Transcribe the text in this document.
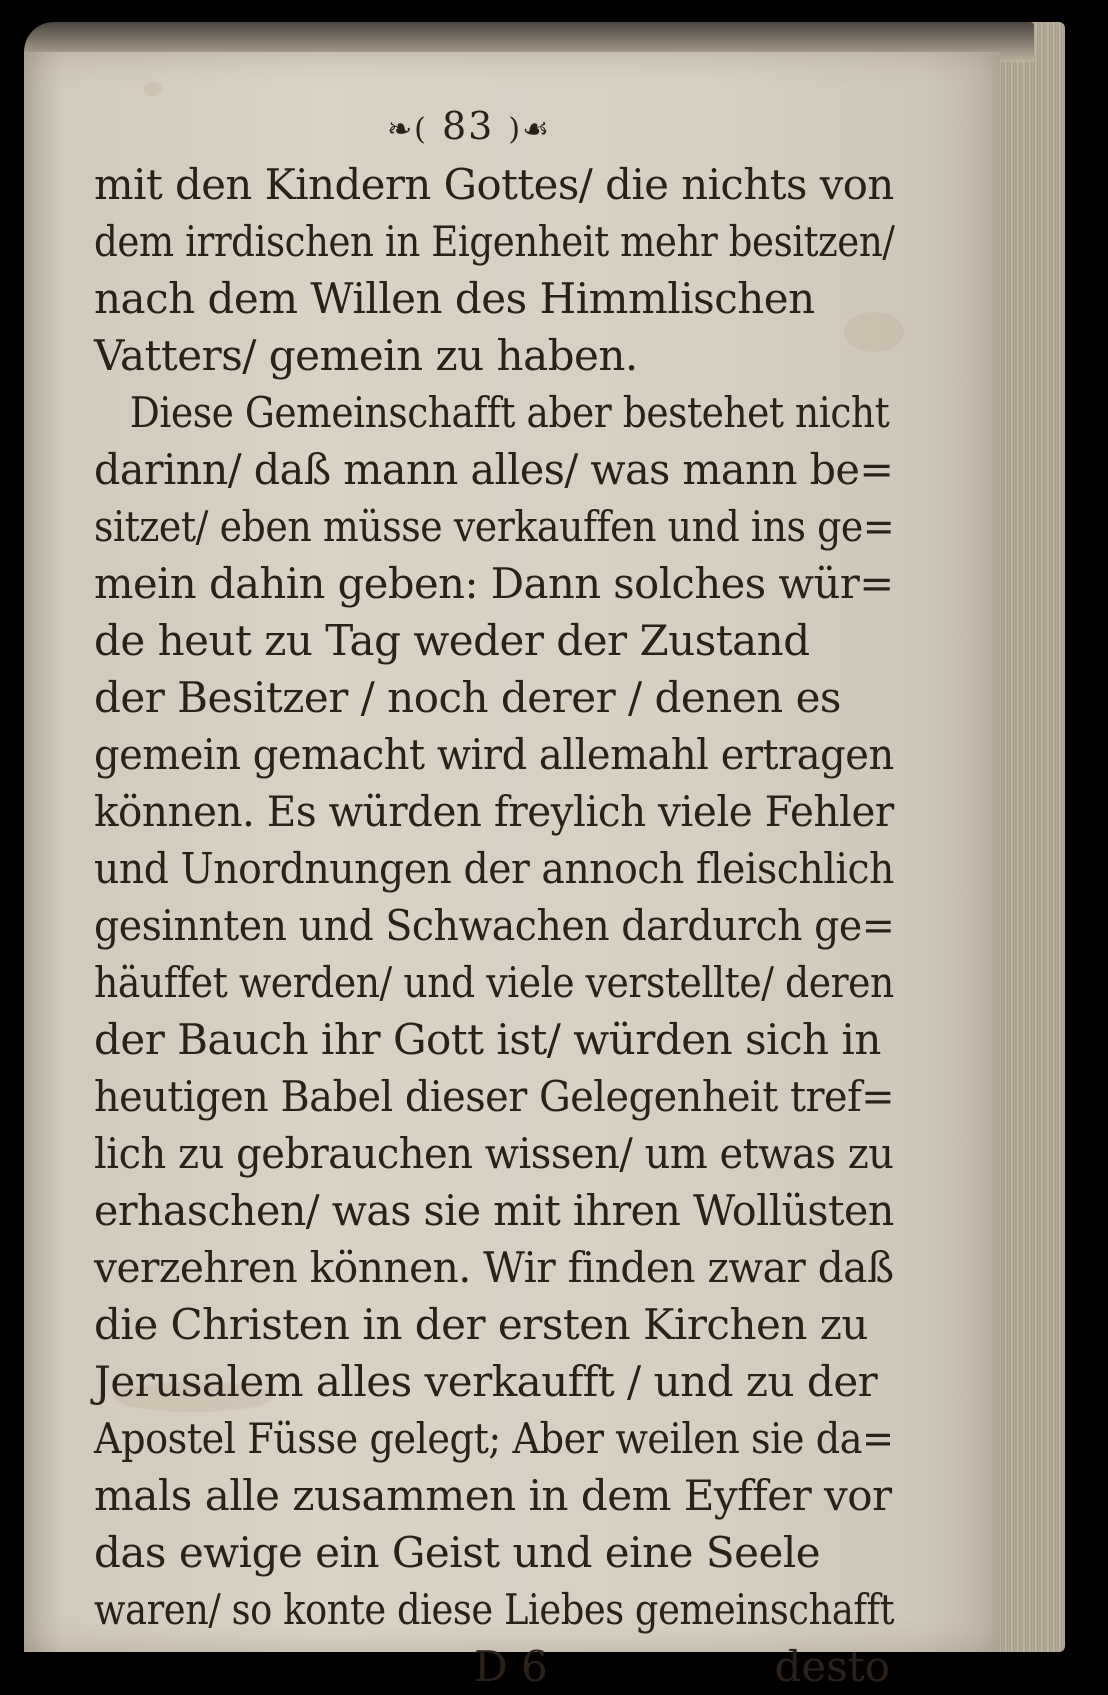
❧( 83 )☙
mit den Kindern Gottes/ die nichts von
dem irrdischen in Eigenheit mehr besitzen/
nach dem Willen des Himmlischen
Vatters/ gemein zu haben.
Diese Gemeinschafft aber bestehet nicht
darinn/ daß mann alles/ was mann be=
sitzet/ eben müsse verkauffen und ins ge=
mein dahin geben: Dann solches wür=
de heut zu Tag weder der Zustand
der Besitzer / noch derer / denen es
gemein gemacht wird allemahl ertragen
können. Es würden freylich viele Fehler
und Unordnungen der annoch fleischlich
gesinnten und Schwachen dardurch ge=
häuffet werden/ und viele verstellte/ deren
der Bauch ihr Gott ist/ würden sich in
heutigen Babel dieser Gelegenheit tref=
lich zu gebrauchen wissen/ um etwas zu
erhaschen/ was sie mit ihren Wollüsten
verzehren können. Wir finden zwar daß
die Christen in der ersten Kirchen zu
Jerusalem alles verkaufft / und zu der
Apostel Füsse gelegt; Aber weilen sie da=
mals alle zusammen in dem Eyffer vor
das ewige ein Geist und eine Seele
waren/ so konte diese Liebes gemeinschafft
D 6	desto
